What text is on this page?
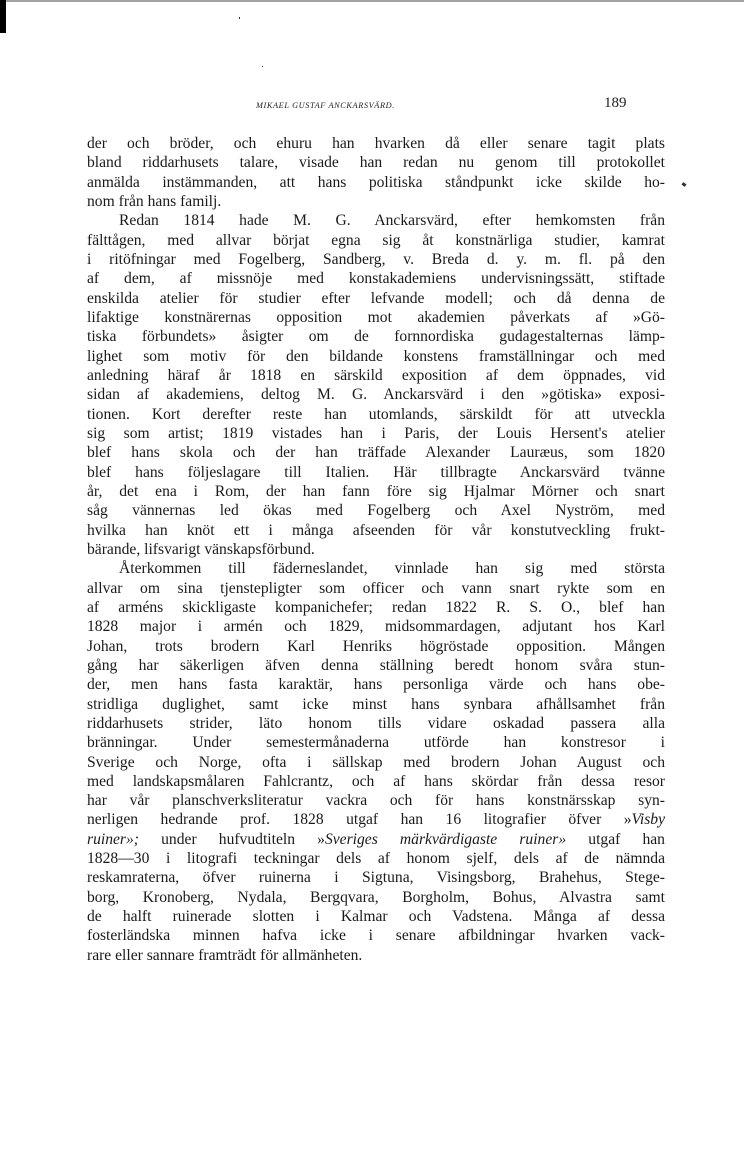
MIKAEL GUSTAF ANCKARSVÄRD.	189
der och bröder, och ehuru han hvarken då eller senare tagit plats
bland riddarhusets talare, visade han redan nu genom till protokollet
anmälda instämmanden, att hans politiska ståndpunkt icke skilde ho-
nom från hans familj.
Redan 1814 hade M. G. Anckarsvärd, efter hemkomsten från
fälttågen, med allvar börjat egna sig åt konstnärliga studier, kamrat
i ritöfningar med Fogelberg, Sandberg, v. Breda d. y. m. fl. på den
af dem, af missnöje med konstakademiens undervisningssätt, stiftade
enskilda atelier för studier efter lefvande modell; och då denna de
lifaktige konstnärernas opposition mot akademien påverkats af »Gö-
tiska förbundets» åsigter om de fornnordiska gudagestalternas lämp-
lighet som motiv för den bildande konstens framställningar och med
anledning häraf år 1818 en särskild exposition af dem öppnades, vid
sidan af akademiens, deltog M. G. Anckarsvärd i den »götiska» exposi-
tionen. Kort derefter reste han utomlands, särskildt för att utveckla
sig som artist; 1819 vistades han i Paris, der Louis Hersent's atelier
blef hans skola och der han träffade Alexander Lauræus, som 1820
blef hans följeslagare till Italien. Här tillbragte Anckarsvärd tvänne
år, det ena i Rom, der han fann före sig Hjalmar Mörner och snart
såg vännernas led ökas med Fogelberg och Axel Nyström, med
hvilka han knöt ett i många afseenden för vår konstutveckling frukt-
bärande, lifsvarigt vänskapsförbund.
Återkommen till fäderneslandet, vinnlade han sig med största
allvar om sina tjenstepligter som officer och vann snart rykte som en
af arméns skickligaste kompanichefer; redan 1822 R. S. O., blef han
1828 major i armén och 1829, midsommardagen, adjutant hos Karl
Johan, trots brodern Karl Henriks högröstade opposition. Mången
gång har säkerligen äfven denna ställning beredt honom svåra stun-
der, men hans fasta karaktär, hans personliga värde och hans obe-
stridliga duglighet, samt icke minst hans synbara afhållsamhet från
riddarhusets strider, läto honom tills vidare oskadad passera alla
bränningar. Under semestermånaderna utförde han konstresor i
Sverige och Norge, ofta i sällskap med brodern Johan August och
med landskapsmålaren Fahlcrantz, och af hans skördar från dessa resor
har vår planschverksliteratur vackra och för hans konstnärsskap syn-
nerligen hedrande prof. 1828 utgaf han 16 litografier öfver »Visby
ruiner»; under hufvudtiteln »Sveriges märkvärdigaste ruiner» utgaf han
1828—30 i litografi teckningar dels af honom sjelf, dels af de nämnda
reskamraterna, öfver ruinerna i Sigtuna, Visingsborg, Brahehus, Stege-
borg, Kronoberg, Nydala, Bergqvara, Borgholm, Bohus, Alvastra samt
de halft ruinerade slotten i Kalmar och Vadstena. Många af dessa
fosterländska minnen hafva icke i senare afbildningar hvarken vack-
rare eller sannare framträdt för allmänheten.
